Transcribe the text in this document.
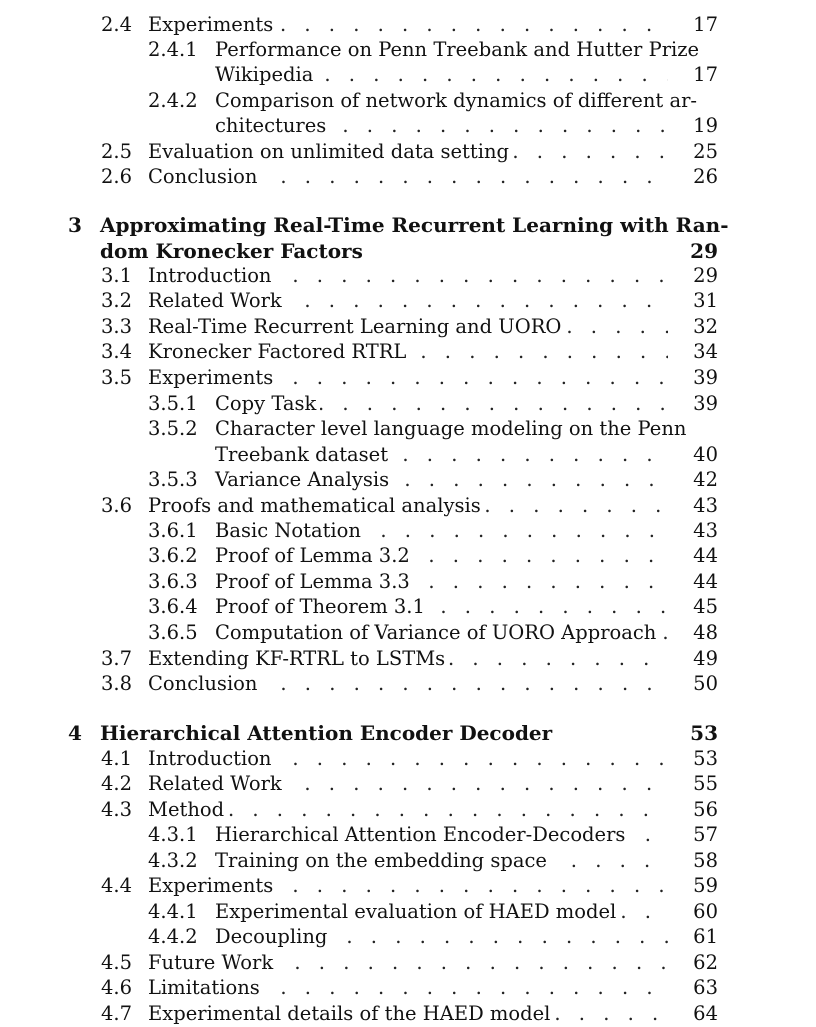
. . .
2.4 Experiments	17
2.4.1 Performance on Penn Treebank and Hutter Prize
. . .
Wikipedia	17
2.4.2 Comparison of network dynamics of different ar-
. . .
chitectures	19
. . .
2.5 Evaluation on unlimited data setting	25
. . .
2.6 Conclusion	26
3 Approximating Real-Time Recurrent Learning with Ran-
dom Kronecker Factors	29
. . .
3.1 Introduction	29
. . .
3.2 Related Work	31
. . .
3.3 Real-Time Recurrent Learning and UORO	32
. . .
3.4 Kronecker Factored RTRL	34
. . .
3.5 Experiments	39
. . .
3.5.1 Copy Task	39
3.5.2 Character level language modeling on the Penn
. . .
Treebank dataset	40
. . .
3.5.3 Variance Analysis	42
. . .
3.6 Proofs and mathematical analysis	43
. . .
3.6.1 Basic Notation	43
. . .
3.6.2 Proof of Lemma 3.2	44
. . .
3.6.3 Proof of Lemma 3.3	44
. . .
3.6.4 Proof of Theorem 3.1	45
. . .
3.6.5 Computation of Variance of UORO Approach	48
. . .
3.7 Extending KF-RTRL to LSTMs	49
. . .
3.8 Conclusion	50
4 Hierarchical Attention Encoder Decoder	53
. . .
4.1 Introduction	53
. . .
4.2 Related Work	55
. . .
4.3 Method	56
. . .
4.3.1 Hierarchical Attention Encoder-Decoders	57
. . .
4.3.2 Training on the embedding space	58
. . .
4.4 Experiments	59
. . .
4.4.1 Experimental evaluation of HAED model	60
. . .
4.4.2 Decoupling	61
. . .
4.5 Future Work	62
. . .
4.6 Limitations	63
. . .
4.7 Experimental details of the HAED model	64
